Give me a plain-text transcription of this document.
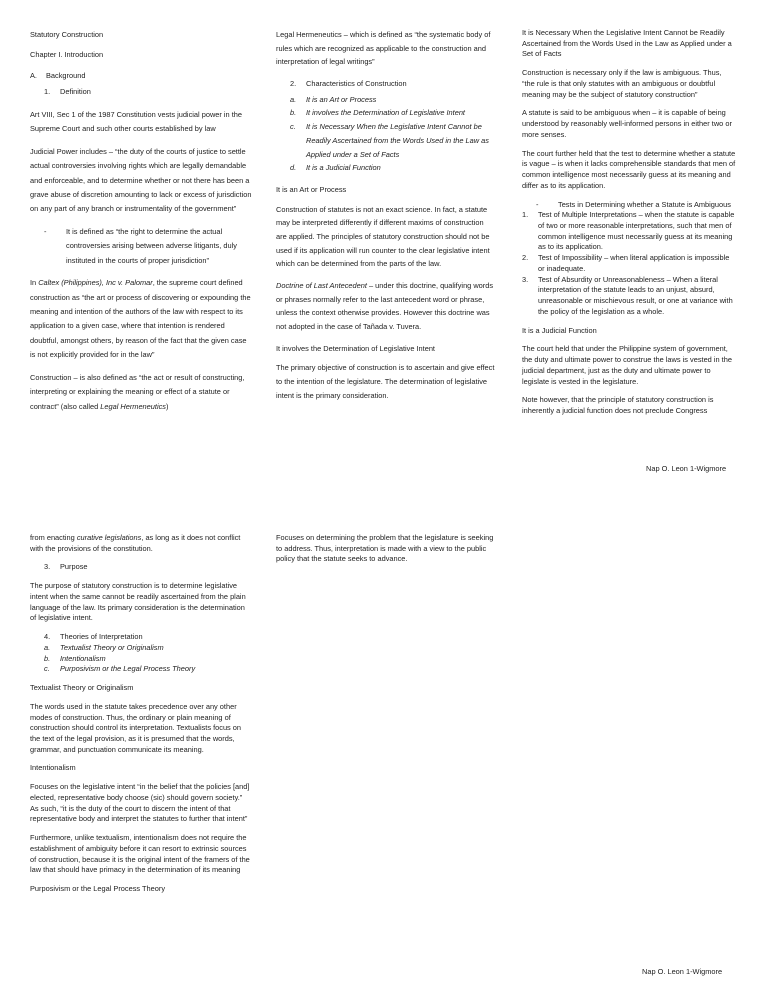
Statutory Construction

Chapter I. Introduction

A.	Background
1.	Definition

Art VIII, Sec 1 of the 1987 Constitution vests judicial power in the Supreme Court and such other courts established by law

Judicial Power includes – “the duty of the courts of justice to settle actual controversies involving rights which are legally demandable and enforceable, and to determine whether or not there has been a grave abuse of discretion amounting to lack or excess of jurisdiction on any part of any branch or instrumentality of the government”

-	It is defined as “the right to determine the actual controversies arising between adverse litigants, duly instituted in the courts of proper jurisdiction”

In Caltex (Philippines), Inc v. Palomar, the supreme court defined construction as “the art or process of discovering or expounding the meaning and intention of the authors of the law with respect to its application to a given case, where that intention is rendered doubtful, amongst others, by reason of the fact that the given case is not explicitly provided for in the law”

Construction – is also defined as “the act or result of constructing, interpreting or explaining the meaning or effect of a statute or contract” (also called Legal Hermeneutics)

Legal Hermeneutics – which is defined as “the systematic body of rules which are recognized as applicable to the construction and interpretation of legal writings”

2.	Characteristics of Construction
a.	It is an Art or Process
b.	It involves the Determination of Legislative Intent
c.	It is Necessary When the Legislative Intent Cannot be Readily Ascertained from the Words Used in the Law as Applied under a Set of Facts
d.	It is a Judicial Function

It is an Art or Process

Construction of statutes is not an exact science. In fact, a statute may be interpreted differently if different maxims of construction are applied. The principles of statutory construction should not be used if its application will run counter to the clear legislative intent which can be determined from the parts of the law.

Doctrine of Last Antecedent – under this doctrine, qualifying words or phrases normally refer to the last antecedent word or phrase, unless the context otherwise provides. However this doctrine was not adopted in the case of Tañada v. Tuvera.

It involves the Determination of Legislative Intent

The primary objective of construction is to ascertain and give effect to the intention of the legislature. The determination of legislative intent is the primary consideration.

It is Necessary When the Legislative Intent Cannot be Readily Ascertained from the Words Used in the Law as Applied under a Set of Facts

Construction is necessary only if the law is ambiguous. Thus, “the rule is that only statutes with an ambiguous or doubtful meaning may be the subject of statutory construction”

A statute is said to be ambiguous when – it is capable of being understood by reasonably well-informed persons in either two or more senses.

The court further held that the test to determine whether a statute is vague – is when it lacks comprehensible standards that men of common intelligence most necessarily guess at its meaning and differ as to its application.

-	Tests in Determining whether a Statute is Ambiguous
1.	Test of Multiple Interpretations – when the statute is capable of two or more reasonable interpretations, such that men of common intelligence must necessarily guess at its meaning as to its application.
2.	Test of Impossibility – when literal application is impossible or inadequate.
3.	Test of Absurdity or Unreasonableness – When a literal interpretation of the statute leads to an unjust, absurd, unreasonable or mischievous result, or one at variance with the policy of the legislation as a whole.

It is a Judicial Function

The court held that under the Philippine system of government, the duty and ultimate power to construe the laws is vested in the judicial department, just as the duty and ultimate power to legislate is vested in the legislature.

Note however, that the principle of statutory construction is inherently a judicial function does not preclude Congress

Nap O. Leon 1-Wigmore

from enacting curative legislations, as long as it does not conflict with the provisions of the constitution.

3.	Purpose

The purpose of statutory construction is to determine legislative intent when the same cannot be readily ascertained from the plain language of the law. Its primary consideration is the determination of legislative intent.

4.	Theories of Interpretation
a.	Textualist Theory or Originalism
b.	Intentionalism
c.	Purposivism or the Legal Process Theory

Textualist Theory or Originalism

The words used in the statute takes precedence over any other modes of construction. Thus, the ordinary or plain meaning of construction should control its interpretation. Textualists focus on the text of the legal provision, as it is presumed that the words, grammar, and punctuation communicate its meaning.

Intentionalism

Focuses on the legislative intent “in the belief that the policies [and] elected, representative body choose (sic) should govern society.” As such, “it is the duty of the court to discern the intent of that representative body and interpret the statutes to further that intent”

Furthermore, unlike textualism, intentionalism does not require the establishment of ambiguity before it can resort to extrinsic sources of construction, because it is the original intent of the framers of the law that should have primacy in the determination of its meaning

Purposivism or the Legal Process Theory

Focuses on determining the problem that the legislature is seeking to address. Thus, interpretation is made with a view to the public policy that the statute seeks to advance.

Nap O. Leon 1-Wigmore
